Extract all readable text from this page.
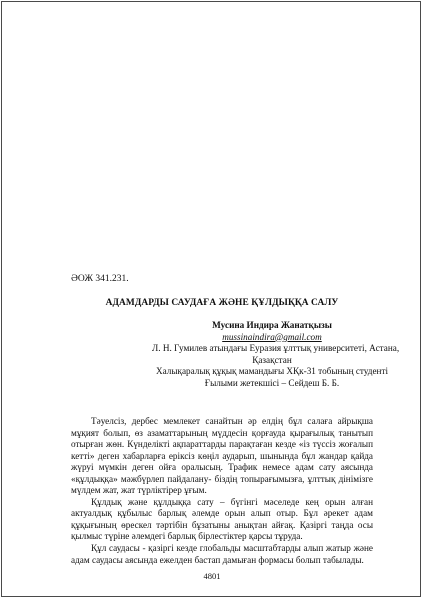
ӘОЖ 341.231.
АДАМДАРДЫ САУДАҒА ЖӘНЕ ҚҰЛДЫҚҚА САЛУ
Мусина Индира Жанатқызы
mussinaindira@gmail.com
Л. Н. Гумилев атындағы Еуразия ұлттық университеті, Астана,
Қазақстан
Халықаралық құқық мамандығы ХҚк-31 тобының студенті
Ғылыми жетекшісі – Сейдеш Б. Б.

Тәуелсіз, дербес мемлекет санайтын әр елдің бұл салаға айрықша мұқият болып, өз азаматтарының мүддесін қорғауда қырағылық танытып отырған жөн. Күнделікті ақпараттарды парақтаған кезде «із түссіз жоғалып кетті» деген хабарларға еріксіз көңіл аударып, шынында бұл жандар қайда жүруі мүмкін деген ойға оралысың. Трафик немесе адам сату аясында «құлдыққа» мәжбүрлеп пайдалану- біздің топырағымызға, ұлттық дінімізге мүлдем жат, жат түрліктірер ұғым.

Құлдық және құлдыққа сату – бүгінгі мәселеде кең орын алған актуалдық құбылыс барлық әлемде орын алып отыр. Бұл әрекет адам құқығының өрескел тәртібін бұзатыны анықтан айғақ. Қазіргі таңда осы қылмыс түріне әлемдегі барлық бірлестіктер қарсы тұруда.

Құл саудасы - қазіргі кезде глобальды масштабтарды алып жатыр және адам саудасы аясында ежелден бастап дамыған формасы болып табылады.

4801
